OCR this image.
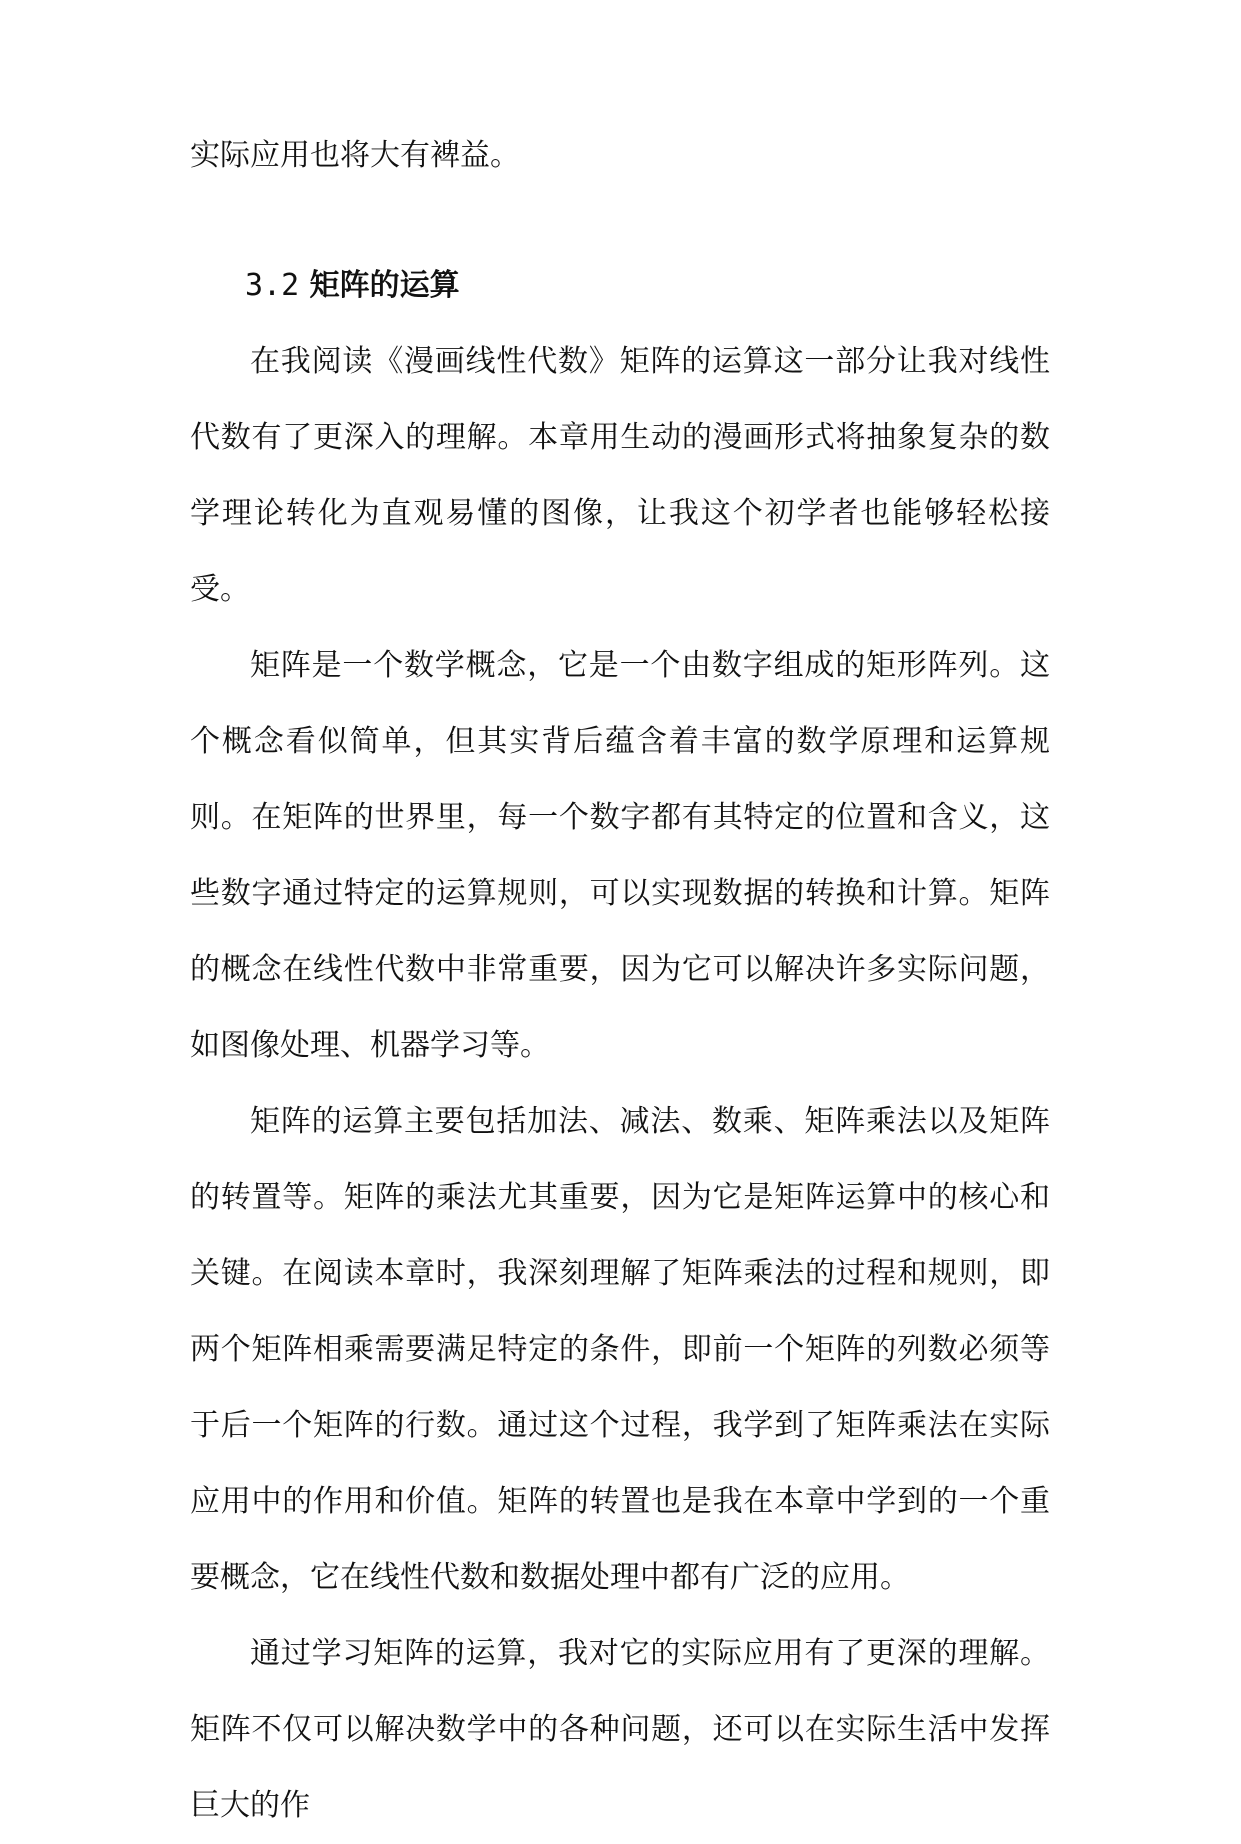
实际应用也将大有裨益。

3.2 矩阵的运算

在我阅读《漫画线性代数》矩阵的运算这一部分让我对线性代数有了更深入的理解。本章用生动的漫画形式将抽象复杂的数学理论转化为直观易懂的图像，让我这个初学者也能够轻松接受。

矩阵是一个数学概念，它是一个由数字组成的矩形阵列。这个概念看似简单，但其实背后蕴含着丰富的数学原理和运算规则。在矩阵的世界里，每一个数字都有其特定的位置和含义，这些数字通过特定的运算规则，可以实现数据的转换和计算。矩阵的概念在线性代数中非常重要，因为它可以解决许多实际问题，如图像处理、机器学习等。

矩阵的运算主要包括加法、减法、数乘、矩阵乘法以及矩阵的转置等。矩阵的乘法尤其重要，因为它是矩阵运算中的核心和关键。在阅读本章时，我深刻理解了矩阵乘法的过程和规则，即两个矩阵相乘需要满足特定的条件，即前一个矩阵的列数必须等于后一个矩阵的行数。通过这个过程，我学到了矩阵乘法在实际应用中的作用和价值。矩阵的转置也是我在本章中学到的一个重要概念，它在线性代数和数据处理中都有广泛的应用。

通过学习矩阵的运算，我对它的实际应用有了更深的理解。矩阵不仅可以解决数学中的各种问题，还可以在实际生活中发挥巨大的作
